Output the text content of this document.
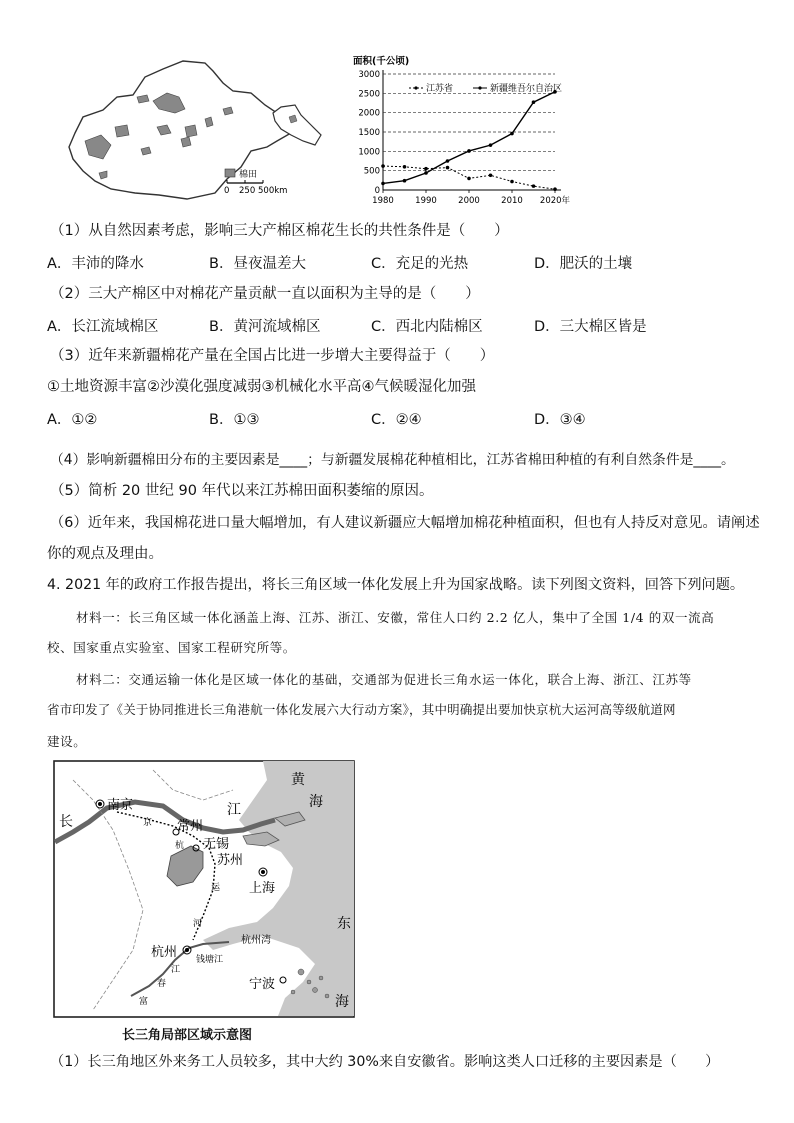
棉田
0 250 500km
面积(千公顷)
0
500
1000
1500
2000
2500
3000
1980	1990	2000	2010 2020年
江苏省	新疆维吾尔自治区
（1）从自然因素考虑，影响三大产棉区棉花生长的共性条件是（　　）
A．丰沛的降水	B．昼夜温差大	C．充足的光热	D．肥沃的土壤
（2）三大产棉区中对棉花产量贡献一直以面积为主导的是（　　）
A．长江流域棉区	B．黄河流域棉区	C．西北内陆棉区	D．三大棉区皆是
（3）近年来新疆棉花产量在全国占比进一步增大主要得益于（　　）
①土地资源丰富②沙漠化强度减弱③机械化水平高④气候暖湿化加强
A．①②	B．①③	C．②④	D．③④
（4）影响新疆棉田分布的主要因素是____；与新疆发展棉花种植相比，江苏省棉田种植的有利自然条件是____。
（5）简析 20 世纪 90 年代以来江苏棉田面积萎缩的原因。
（6）近年来，我国棉花进口量大幅增加，有人建议新疆应大幅增加棉花种植面积，但也有人持反对意见。请阐述
你的观点及理由。
4. 2021 年的政府工作报告提出，将长三角区域一体化发展上升为国家战略。读下列图文资料，回答下列问题。
材料一：长三角区域一体化涵盖上海、江苏、浙江、安徽，常住人口约 2.2 亿人，集中了全国 1/4 的双一流高
校、国家重点实验室、国家工程研究所等。
材料二：交通运输一体化是区域一体化的基础，交通部为促进长三角水运一体化，联合上海、浙江、江苏等
省市印发了《关于协同推进长三角港航一体化发展六大行动方案》，其中明确提出要加快京杭大运河高等级航道网
建设。
黄
海
江
长
南京
常州
无锡
苏州
上海
杭州
宁波
杭州湾
钱塘江
东
海
京
杭
运
河
江
春
富
长三角局部区域示意图
（1）长三角地区外来务工人员较多，其中大约 30%来自安徽省。影响这类人口迁移的主要因素是（　　）
